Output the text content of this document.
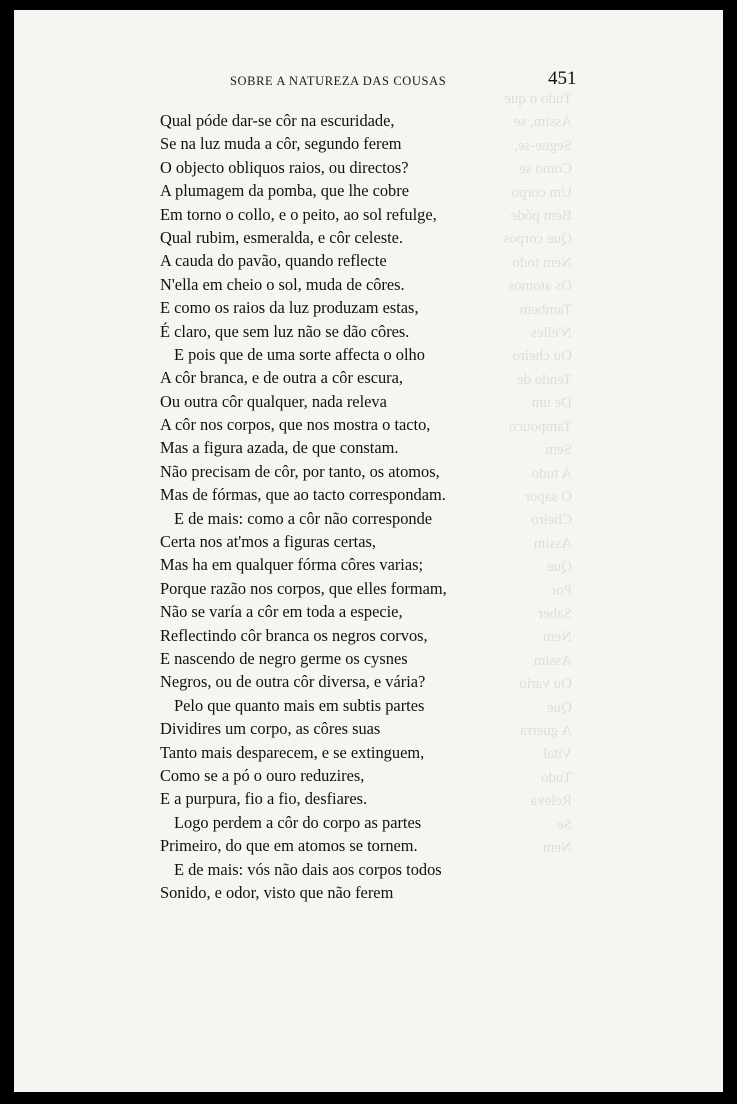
Tudo o que
Assim, se
Segue-se,
Como se
Um corpo
Bem póde
Que corpos
Nem todo
Os atomos
Tambem
N'elles
Ou cheiro
Tendo de
De um
Tampouco
Sem
A tudo
O sapor
Cheiro
Assim
Que
Por
Saber
Nem
Assim
Ou vario
Que
A guerra
Vital
Tudo
Releva
Se
Nem
SOBRE A NATUREZA DAS COUSAS	451
Qual póde dar-se côr na escuridade,
Se na luz muda a côr, segundo ferem
O objecto obliquos raios, ou directos?
A plumagem da pomba, que lhe cobre
Em torno o collo, e o peito, ao sol refulge,
Qual rubim, esmeralda, e côr celeste.
A cauda do pavão, quando reflecte
N'ella em cheio o sol, muda de côres.
E como os raios da luz produzam estas,
É claro, que sem luz não se dão côres.
E pois que de uma sorte affecta o olho
A côr branca, e de outra a côr escura,
Ou outra côr qualquer, nada releva
A côr nos corpos, que nos mostra o tacto,
Mas a figura azada, de que constam.
Não precisam de côr, por tanto, os atomos,
Mas de fórmas, que ao tacto correspondam.
E de mais: como a côr não corresponde
Certa nos at'mos a figuras certas,
Mas ha em qualquer fórma côres varias;
Porque razão nos corpos, que elles formam,
Não se varía a côr em toda a especie,
Reflectindo côr branca os negros corvos,
E nascendo de negro germe os cysnes
Negros, ou de outra côr diversa, e vária?
Pelo que quanto mais em subtis partes
Dividires um corpo, as côres suas
Tanto mais desparecem, e se extinguem,
Como se a pó o ouro reduzires,
E a purpura, fio a fio, desfiares.
Logo perdem a côr do corpo as partes
Primeiro, do que em atomos se tornem.
E de mais: vós não dais aos corpos todos
Sonido, e odor, visto que não ferem
